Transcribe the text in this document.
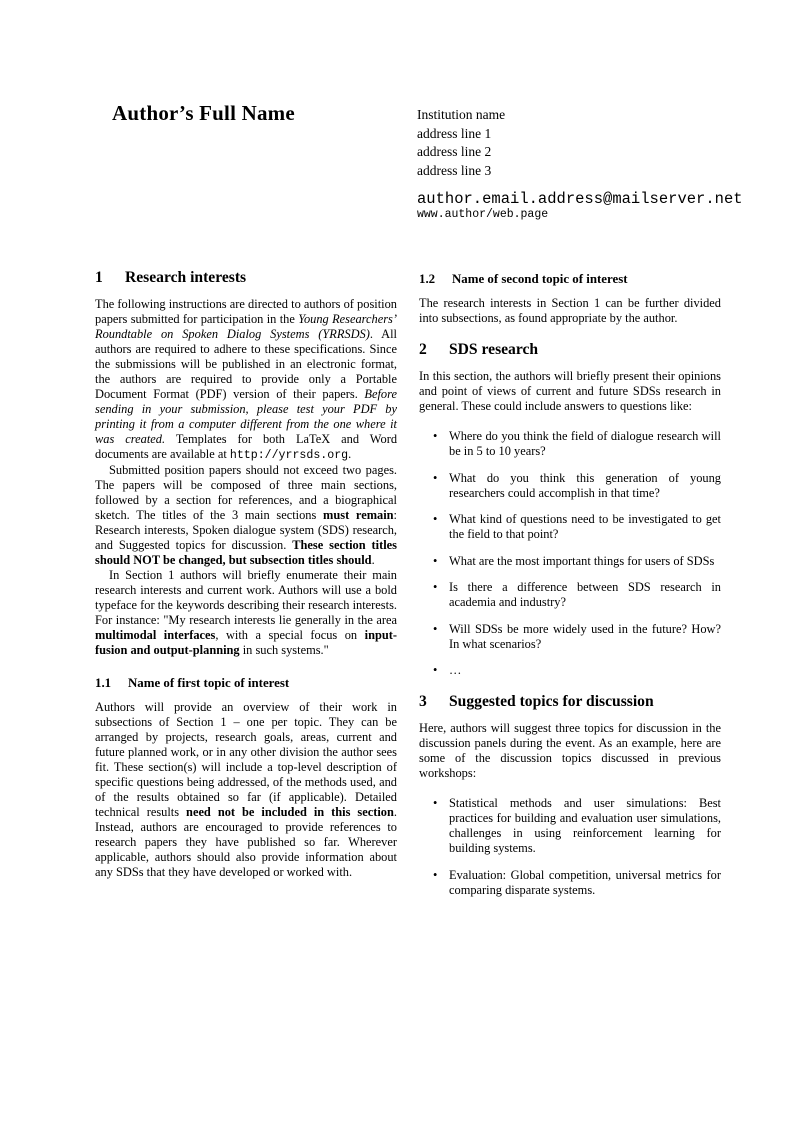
Author’s Full Name	Institution name
address line 1
address line 2
address line 3
author.email.address@mailserver.net
www.author/web.page
1	Research interests

The following instructions are directed to authors of position papers submitted for participation in the Young Researchers’ Roundtable on Spoken Dialog Systems (YRRSDS). All authors are required to adhere to these specifications. Since the submissions will be published in an electronic format, the authors are required to provide only a Portable Document Format (PDF) version of their papers. Before sending in your submission, please test your PDF by printing it from a computer different from the one where it was created. Templates for both LaTeX and Word documents are available at http://yrrsds.org.

Submitted position papers should not exceed two pages. The papers will be composed of three main sections, followed by a section for references, and a biographical sketch. The titles of the 3 main sections must remain: Research interests, Spoken dialogue system (SDS) research, and Suggested topics for discussion. These section titles should NOT be changed, but subsection titles should.

In Section 1 authors will briefly enumerate their main research interests and current work. Authors will use a bold typeface for the keywords describing their research interests. For instance: "My research interests lie generally in the area multimodal interfaces, with a special focus on input-fusion and output-planning in such systems."

1.1	Name of first topic of interest

Authors will provide an overview of their work in subsections of Section 1 – one per topic. They can be arranged by projects, research goals, areas, current and future planned work, or in any other division the author sees fit. These section(s) will include a top-level description of specific questions being addressed, of the methods used, and of the results obtained so far (if applicable). Detailed technical results need not be included in this section. Instead, authors are encouraged to provide references to research papers they have published so far. Wherever applicable, authors should also provide information about any SDSs that they have developed or worked with.

1.2	Name of second topic of interest

The research interests in Section 1 can be further divided into subsections, as found appropriate by the author.

2	SDS research

In this section, the authors will briefly present their opinions and point of views of current and future SDSs research in general. These could include answers to questions like:

• Where do you think the field of dialogue research will be in 5 to 10 years?
• What do you think this generation of young researchers could accomplish in that time?
• What kind of questions need to be investigated to get the field to that point?
• What are the most important things for users of SDSs
• Is there a difference between SDS research in academia and industry?
• Will SDSs be more widely used in the future? How? In what scenarios?
• …
3	Suggested topics for discussion

Here, authors will suggest three topics for discussion in the discussion panels during the event. As an example, here are some of the discussion topics discussed in previous workshops:

• Statistical methods and user simulations: Best practices for building and evaluation user simulations, challenges in using reinforcement learning for building systems.
• Evaluation: Global competition, universal metrics for comparing disparate systems.
